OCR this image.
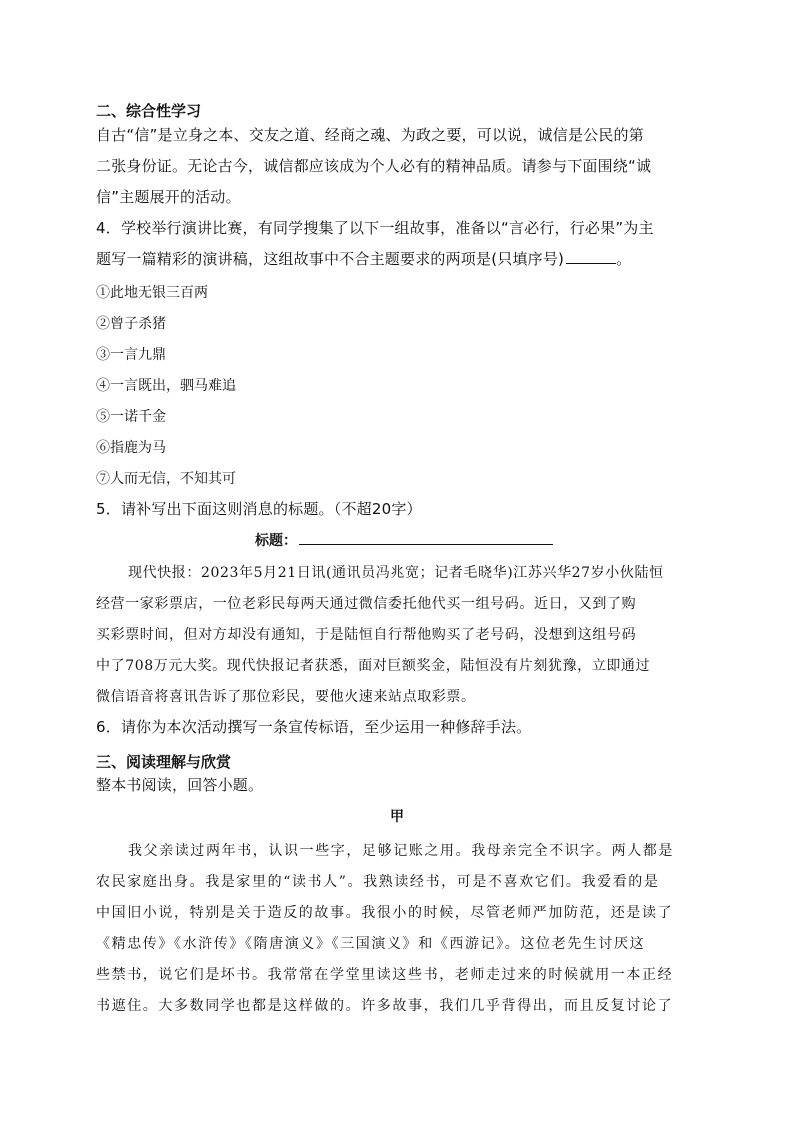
二、综合性学习
自古“信”是立身之本、交友之道、经商之魂、为政之要，可以说，诚信是公民的第
二张身份证。无论古今，诚信都应该成为个人必有的精神品质。请参与下面围绕“诚
信”主题展开的活动。
4．学校举行演讲比赛，有同学搜集了以下一组故事，准备以“言必行，行必果”为主
题写一篇精彩的演讲稿，这组故事中不合主题要求的两项是(只填序号)	。
①此地无银三百两
②曾子杀猪
③一言九鼎
④一言既出，驷马难追
⑤一诺千金
⑥指鹿为马
⑦人而无信，不知其可
5．请补写出下面这则消息的标题。（不超20字）
标题：
现代快报：2023年5月21日讯(通讯员冯兆宽；记者毛晓华)江苏兴华27岁小伙陆恒
经营一家彩票店，一位老彩民每两天通过微信委托他代买一组号码。近日，又到了购
买彩票时间，但对方却没有通知，于是陆恒自行帮他购买了老号码，没想到这组号码
中了708万元大奖。现代快报记者获悉，面对巨额奖金，陆恒没有片刻犹豫，立即通过
微信语音将喜讯告诉了那位彩民，要他火速来站点取彩票。
6．请你为本次活动撰写一条宣传标语，至少运用一种修辞手法。
三、阅读理解与欣赏
整本书阅读，回答小题。
甲
我父亲读过两年书，认识一些字，足够记账之用。我母亲完全不识字。两人都是
农民家庭出身。我是家里的“读书人”。我熟读经书，可是不喜欢它们。我爱看的是
中国旧小说，特别是关于造反的故事。我很小的时候，尽管老师严加防范，还是读了
《精忠传》《水浒传》《隋唐演义》《三国演义》和《西游记》。这位老先生讨厌这
些禁书，说它们是坏书。我常常在学堂里读这些书，老师走过来的时候就用一本正经
书遮住。大多数同学也都是这样做的。许多故事，我们几乎背得出，而且反复讨论了
